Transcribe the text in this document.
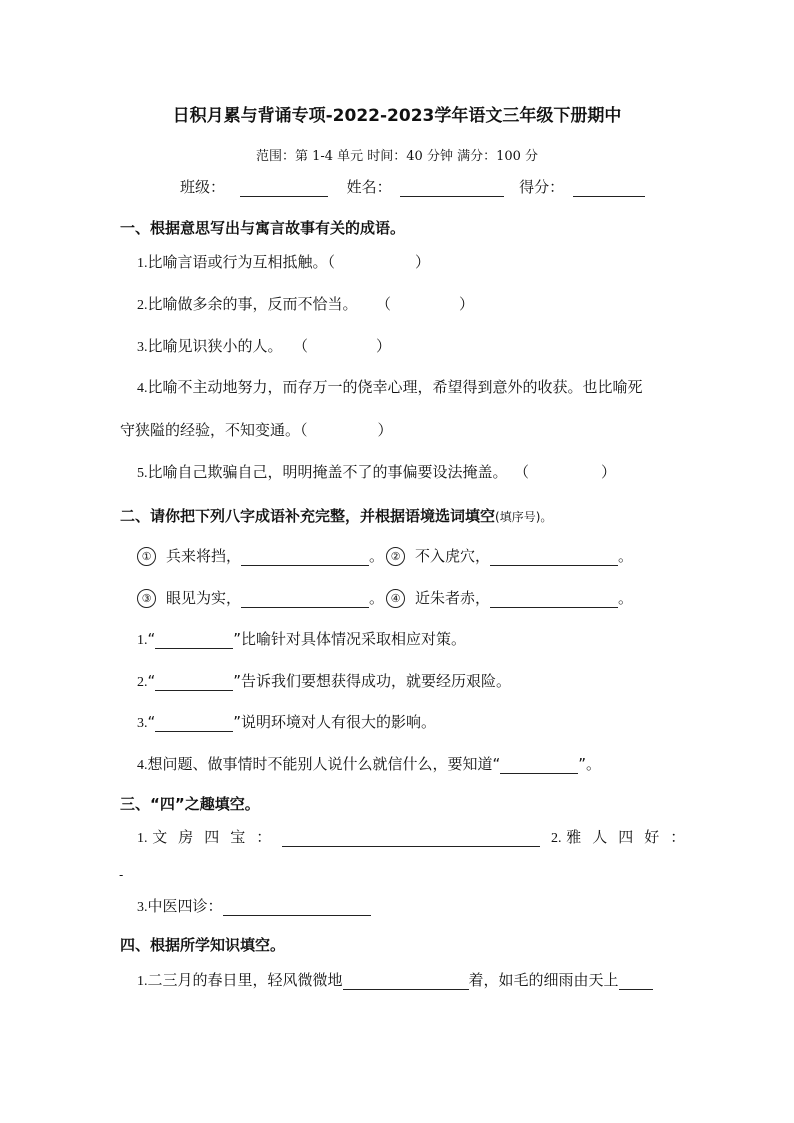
日积月累与背诵专项-2022-2023学年语文三年级下册期中
范围：第 1-4 单元 时间：40 分钟 满分：100 分
班级：	姓名：	得分：
一、根据意思写出与寓言故事有关的成语。
1.比喻言语或行为互相抵触。（	）
2.比喻做多余的事，反而不恰当。 （	）
3.比喻见识狭小的人。 （	）
4.比喻不主动地努力，而存万一的侥幸心理，希望得到意外的收获。也比喻死
守狭隘的经验，不知变通。（	）
5.比喻自己欺骗自己，明明掩盖不了的事偏要设法掩盖。 （	）
二、请你把下列八字成语补充完整，并根据语境选词填空(填序号)。
① 兵来将挡，	。 ② 不入虎穴，	。
③ 眼见为实，	。 ④ 近朱者赤，	。
1.“	”比喻针对具体情况采取相应对策。
2.“	”告诉我们要想获得成功，就要经历艰险。
3.“	”说明环境对人有很大的影响。
4.想问题、做事情时不能别人说什么就信什么，要知道“	”。
三、“四”之趣填空。
1. 文房四宝：	2. 雅人四好：
-
3.中医四诊：
四、根据所学知识填空。
1.二三月的春日里，轻风微微地	着，如毛的细雨由天上
